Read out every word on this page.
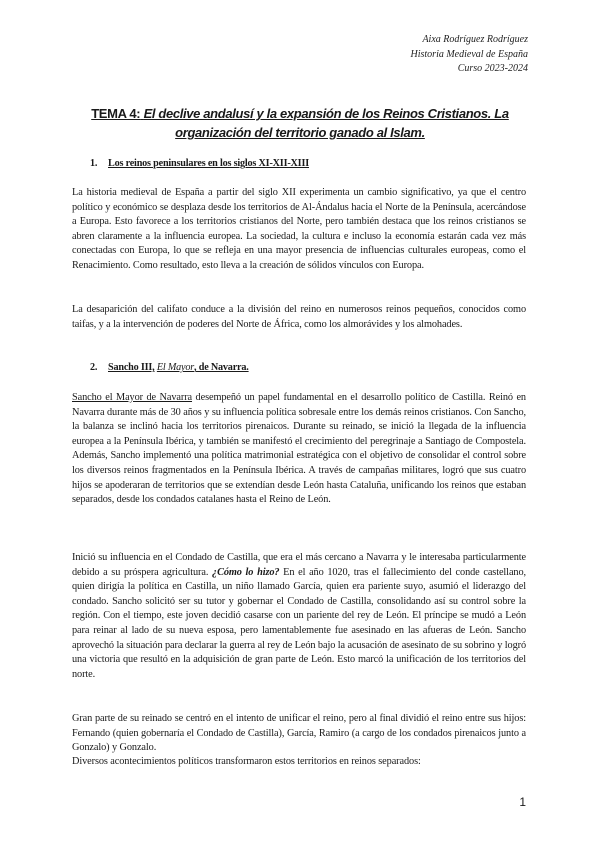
Aixa Rodríguez Rodríguez
Historia Medieval de España
Curso 2023-2024
TEMA 4: El declive andalusí y la expansión de los Reinos Cristianos. La organización del territorio ganado al Islam.
1. Los reinos peninsulares en los siglos XI-XII-XIII
La historia medieval de España a partir del siglo XII experimenta un cambio significativo, ya que el centro político y económico se desplaza desde los territorios de Al-Ándalus hacia el Norte de la Península, acercándose a Europa. Esto favorece a los territorios cristianos del Norte, pero también destaca que los reinos cristianos se abren claramente a la influencia europea. La sociedad, la cultura e incluso la economía estarán cada vez más conectadas con Europa, lo que se refleja en una mayor presencia de influencias culturales europeas, como el Renacimiento. Como resultado, esto lleva a la creación de sólidos vínculos con Europa.
La desaparición del califato conduce a la división del reino en numerosos reinos pequeños, conocidos como taifas, y a la intervención de poderes del Norte de África, como los almorávides y los almohades.
2. Sancho III, El Mayor, de Navarra.
Sancho el Mayor de Navarra desempeñó un papel fundamental en el desarrollo político de Castilla. Reinó en Navarra durante más de 30 años y su influencia política sobresale entre los demás reinos cristianos. Con Sancho, la balanza se inclinó hacia los territorios pirenaicos. Durante su reinado, se inició la llegada de la influencia europea a la Península Ibérica, y también se manifestó el crecimiento del peregrinaje a Santiago de Compostela. Además, Sancho implementó una política matrimonial estratégica con el objetivo de consolidar el control sobre los diversos reinos fragmentados en la Península Ibérica. A través de campañas militares, logró que sus cuatro hijos se apoderaran de territorios que se extendían desde León hasta Cataluña, unificando los reinos que estaban separados, desde los condados catalanes hasta el Reino de León.
Inició su influencia en el Condado de Castilla, que era el más cercano a Navarra y le interesaba particularmente debido a su próspera agricultura. ¿Cómo lo hizo? En el año 1020, tras el fallecimiento del conde castellano, quien dirigía la política en Castilla, un niño llamado García, quien era pariente suyo, asumió el liderazgo del condado. Sancho solicitó ser su tutor y gobernar el Condado de Castilla, consolidando así su control sobre la región. Con el tiempo, este joven decidió casarse con un pariente del rey de León. El príncipe se mudó a León para reinar al lado de su nueva esposa, pero lamentablemente fue asesinado en las afueras de León. Sancho aprovechó la situación para declarar la guerra al rey de León bajo la acusación de asesinato de su sobrino y logró una victoria que resultó en la adquisición de gran parte de León. Esto marcó la unificación de los territorios del norte.
Gran parte de su reinado se centró en el intento de unificar el reino, pero al final dividió el reino entre sus hijos: Fernando (quien gobernaría el Condado de Castilla), García, Ramiro (a cargo de los condados pirenaicos junto a Gonzalo) y Gonzalo.
Diversos acontecimientos políticos transformaron estos territorios en reinos separados:
1
